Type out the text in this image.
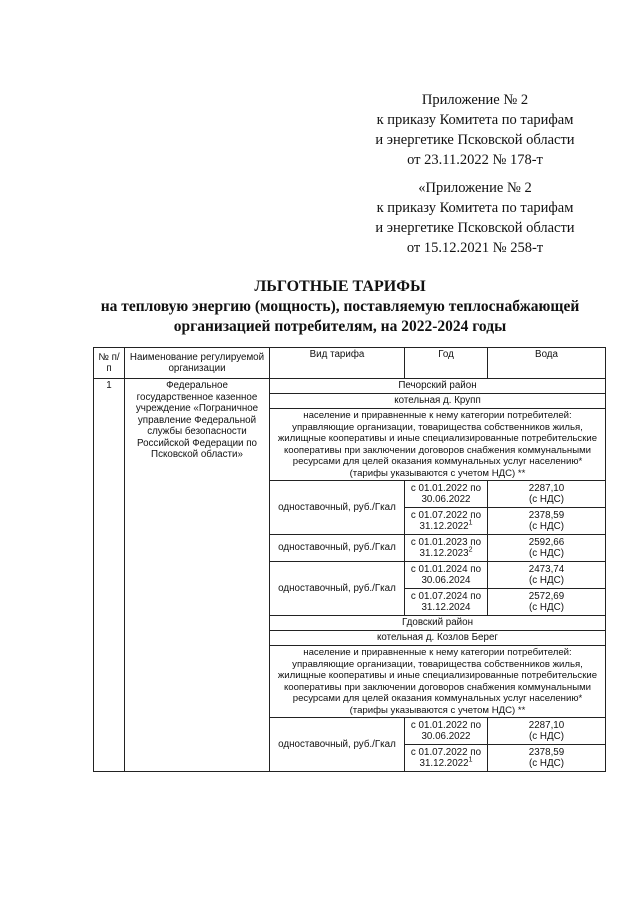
Приложение № 2
к приказу Комитета по тарифам
и энергетике Псковской области
от 23.11.2022 № 178-т
«Приложение № 2
к приказу Комитета по тарифам
и энергетике Псковской области
от 15.12.2021 № 258-т
ЛЬГОТНЫЕ ТАРИФЫ
на тепловую энергию (мощность), поставляемую теплоснабжающей
организацией потребителям, на 2022-2024 годы
№ п/п	Наименование регулируемой организации	Вид тарифа	Год	Вода
1	Федеральное государственное казенное учреждение «Пограничное управление Федеральной службы безопасности Российской Федерации по Псковской области»	Печорский район		
		котельная д. Крупп		
		население и приравненные к нему категории потребителей: управляющие организации, товарищества собственников жилья, жилищные кооперативы и иные специализированные потребительские кооперативы при заключении договоров снабжения коммунальными ресурсами для целей оказания коммунальных услуг населению* (тарифы указываются с учетом НДС) **		
		одноставочный, руб./Гкал	с 01.01.2022 по 30.06.2022	2287,10
(с НДС)

			с 01.07.2022 по 31.12.2022$^1$	2378,59
(с НДС)

		одноставочный, руб./Гкал	с 01.01.2023 по 31.12.2023$^2$	2592,66
(с НДС)

		одноставочный, руб./Гкал	с 01.01.2024 по 30.06.2024	2473,74
(с НДС)

			с 01.07.2024 по 31.12.2024	2572,69
(с НДС)

		Гдовский район		
		котельная д. Козлов Берег		
		население и приравненные к нему категории потребителей: управляющие организации, товарищества собственников жилья, жилищные кооперативы и иные специализированные потребительские кооперативы при заключении договоров снабжения коммунальными ресурсами для целей оказания коммунальных услуг населению* (тарифы указываются с учетом НДС) **		
		одноставочный, руб./Гкал	с 01.01.2022 по 30.06.2022	2287,10
(с НДС)

			с 01.07.2022 по 31.12.2022$^1$	2378,59
(с НДС)
